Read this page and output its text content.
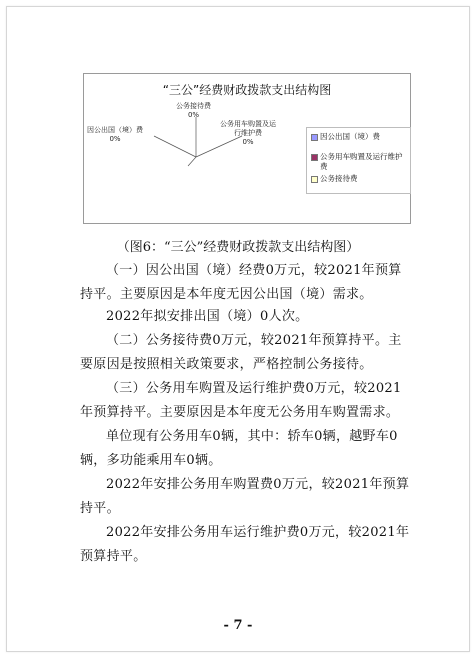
“三公”经费财政拨款支出结构图
公务接待费
0%
因公出国（境）费
0%
公务用车购置及运
行维护费
0%
因公出国（境）费
公务用车购置及运行维护费
公务接待费
（图6：“三公”经费财政拨款支出结构图）
（一）因公出国（境）经费0万元，较2021年预算持平。主要原因是本年度无因公出国（境）需求。
2022年拟安排出国（境）0人次。
（二）公务接待费0万元，较2021年预算持平。主要原因是按照相关政策要求，严格控制公务接待。
（三）公务用车购置及运行维护费0万元，较2021年预算持平。主要原因是本年度无公务用车购置需求。
单位现有公务用车0辆，其中：轿车0辆，越野车0辆，多功能乘用车0辆。
2022年安排公务用车购置费0万元，较2021年预算持平。
2022年安排公务用车运行维护费0万元，较2021年预算持平。
- 7 -
